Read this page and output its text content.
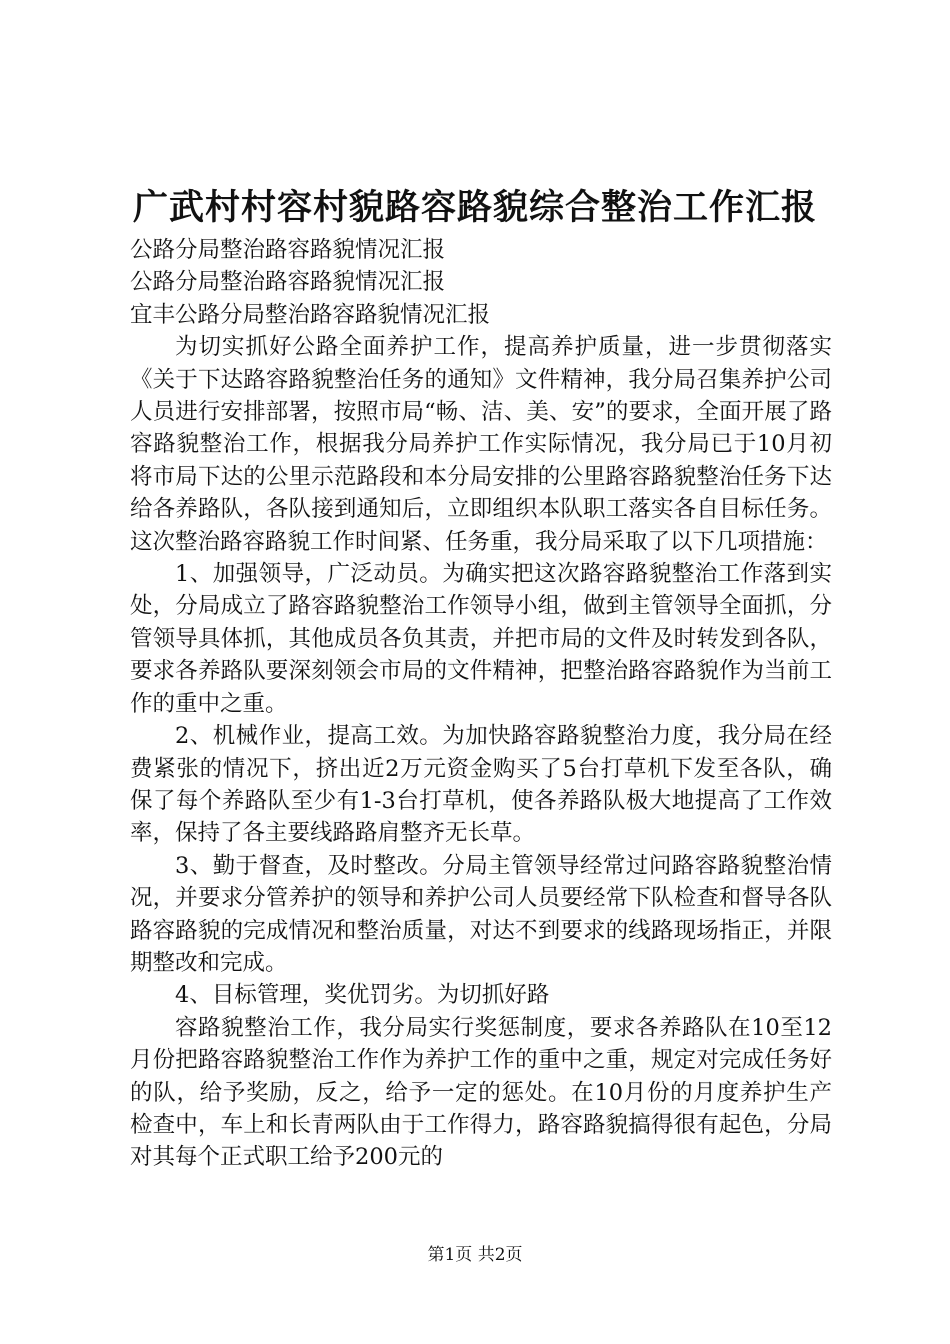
广武村村容村貌路容路貌综合整治工作汇报

公路分局整治路容路貌情况汇报

公路分局整治路容路貌情况汇报

宜丰公路分局整治路容路貌情况汇报

为切实抓好公路全面养护工作，提高养护质量，进一步贯彻落实《关于下达路容路貌整治任务的通知》文件精神，我分局召集养护公司人员进行安排部署，按照市局“畅、洁、美、安”的要求，全面开展了路容路貌整治工作，根据我分局养护工作实际情况，我分局已于10月初将市局下达的公里示范路段和本分局安排的公里路容路貌整治任务下达给各养路队，各队接到通知后，立即组织本队职工落实各自目标任务。这次整治路容路貌工作时间紧、任务重，我分局采取了以下几项措施：

1、加强领导，广泛动员。为确实把这次路容路貌整治工作落到实处，分局成立了路容路貌整治工作领导小组，做到主管领导全面抓，分管领导具体抓，其他成员各负其责，并把市局的文件及时转发到各队，要求各养路队要深刻领会市局的文件精神，把整治路容路貌作为当前工作的重中之重。

2、机械作业，提高工效。为加快路容路貌整治力度，我分局在经费紧张的情况下，挤出近2万元资金购买了5台打草机下发至各队，确保了每个养路队至少有1-3台打草机，使各养路队极大地提高了工作效率，保持了各主要线路路肩整齐无长草。

3、勤于督查，及时整改。分局主管领导经常过问路容路貌整治情况，并要求分管养护的领导和养护公司人员要经常下队检查和督导各队路容路貌的完成情况和整治质量，对达不到要求的线路现场指正，并限期整改和完成。

4、目标管理，奖优罚劣。为切抓好路

容路貌整治工作，我分局实行奖惩制度，要求各养路队在10至12月份把路容路貌整治工作作为养护工作的重中之重，规定对完成任务好的队，给予奖励，反之，给予一定的惩处。在10月份的月度养护生产检查中，车上和长青两队由于工作得力，路容路貌搞得很有起色，分局对其每个正式职工给予200元的

第1页 共2页
